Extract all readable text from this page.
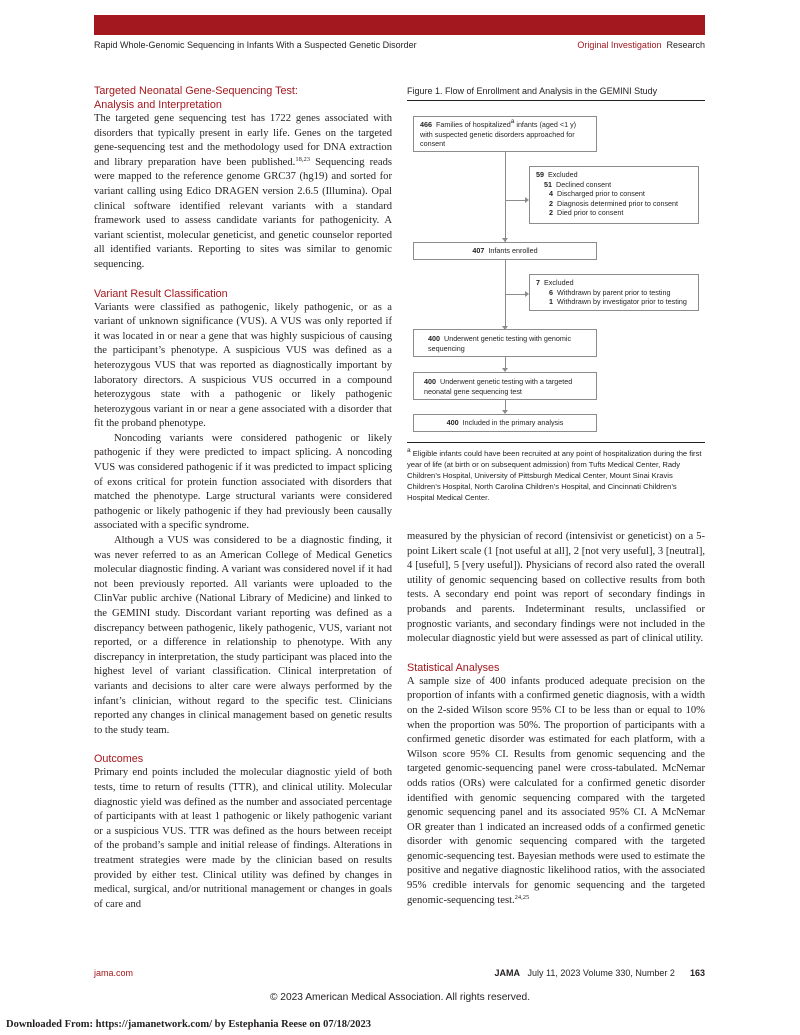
Rapid Whole-Genomic Sequencing in Infants With a Suspected Genetic Disorder	Original Investigation Research
Targeted Neonatal Gene-Sequencing Test:
Analysis and Interpretation

The targeted gene sequencing test has 1722 genes associated with disorders that typically present in early life. Genes on the targeted gene-sequencing test and the methodology used for DNA extraction and library preparation have been published.$^{18,23}$ Sequencing reads were mapped to the reference genome GRC37 (hg19) and sorted for variant calling using Edico DRAGEN version 2.6.5 (Illumina). Opal clinical software identified relevant variants with a standard framework used to assess candidate variants for pathogenicity. A variant scientist, molecular geneticist, and genetic counselor reported all identified variants. Reporting to sites was similar to genomic sequencing.

Variant Result Classification

Variants were classified as pathogenic, likely pathogenic, or as a variant of unknown significance (VUS). A VUS was only reported if it was located in or near a gene that was highly suspicious of causing the participant’s phenotype. A suspicious VUS was defined as a heterozygous VUS that was reported as diagnostically important by laboratory directors. A suspicious VUS occurred in a compound heterozygous state with a pathogenic or likely pathogenic heterozygous variant in or near a gene associated with a disorder that fit the proband phenotype.

Noncoding variants were considered pathogenic or likely pathogenic if they were predicted to impact splicing. A noncoding VUS was considered pathogenic if it was predicted to impact splicing of exons critical for protein function associated with disorders that matched the phenotype. Large structural variants were considered pathogenic or likely pathogenic if they had previously been causally associated with a specific syndrome.

Although a VUS was considered to be a diagnostic finding, it was never referred to as an American College of Medical Genetics molecular diagnostic finding. A variant was considered novel if it had not been previously reported. All variants were uploaded to the ClinVar public archive (National Library of Medicine) and linked to the GEMINI study. Discordant variant reporting was defined as a discrepancy between pathogenic, likely pathogenic, VUS, variant not reported, or a difference in relationship to phenotype. With any discrepancy in interpretation, the study participant was placed into the highest level of variant classification. Clinical interpretation of variants and decisions to alter care were always performed by the infant’s clinician, without regard to the specific test. Clinicians reported any changes in clinical management based on genetic results to the study team.

Outcomes

Primary end points included the molecular diagnostic yield of both tests, time to return of results (TTR), and clinical utility. Molecular diagnostic yield was defined as the number and associated percentage of participants with at least 1 pathogenic or likely pathogenic variant or a suspicious VUS. TTR was defined as the hours between receipt of the proband’s sample and initial release of findings. Alterations in treatment strategies were made by the clinician based on results provided by either test. Clinical utility was defined by changes in medical, surgical, and/or nutritional management or changes in goals of care and

Figure 1. Flow of Enrollment and Analysis in the GEMINI Study
466 Families of hospitalized$^a$ infants (aged <1 y) with suspected genetic disorders approached for consent
59 Excluded

51 Declined consent
4 Discharged prior to consent
2 Diagnosis determined prior to consent
2 Died prior to consent
407 Infants enrolled
7 Excluded

6 Withdrawn by parent prior to testing
1 Withdrawn by investigator prior to testing
400 Underwent genetic testing with genomic sequencing
400 Underwent genetic testing with a targeted neonatal gene sequencing test
400 Included in the primary analysis
$^a$ Eligible infants could have been recruited at any point of hospitalization during the first year of life (at birth or on subsequent admission) from Tufts Medical Center, Rady Children’s Hospital, University of Pittsburgh Medical Center, Mount Sinai Kravis Children’s Hospital, North Carolina Children’s Hospital, and Cincinnati Children’s Hospital Medical Center.

measured by the physician of record (intensivist or geneticist) on a 5-point Likert scale (1 [not useful at all], 2 [not very useful], 3 [neutral], 4 [useful], 5 [very useful]). Physicians of record also rated the overall utility of genomic sequencing based on collective results from both tests. A secondary end point was report of secondary findings in probands and parents. Indeterminant results, unclassified or prognostic variants, and secondary findings were not included in the molecular diagnostic yield but were assessed as part of clinical utility.

Statistical Analyses

A sample size of 400 infants produced adequate precision on the proportion of infants with a confirmed genetic diagnosis, with a width on the 2-sided Wilson score 95% CI to be less than or equal to 10% when the proportion was 50%. The proportion of participants with a confirmed genetic disorder was estimated for each platform, with a Wilson score 95% CI. Results from genomic sequencing and the targeted genomic-sequencing panel were cross-tabulated. McNemar odds ratios (ORs) were calculated for a confirmed genetic disorder identified with genomic sequencing compared with the targeted genomic sequencing panel and its associated 95% CI. A McNemar OR greater than 1 indicated an increased odds of a confirmed genetic disorder with genomic sequencing compared with the targeted genomic-sequencing test. Bayesian methods were used to estimate the positive and negative diagnostic likelihood ratios, with the associated 95% credible intervals for genomic sequencing and the targeted genomic-sequencing test.$^{24,25}$

jama.com	JAMA July 11, 2023 Volume 330, Number 2 163
© 2023 American Medical Association. All rights reserved.
Downloaded From: https://jamanetwork.com/ by Estephania Reese on 07/18/2023
